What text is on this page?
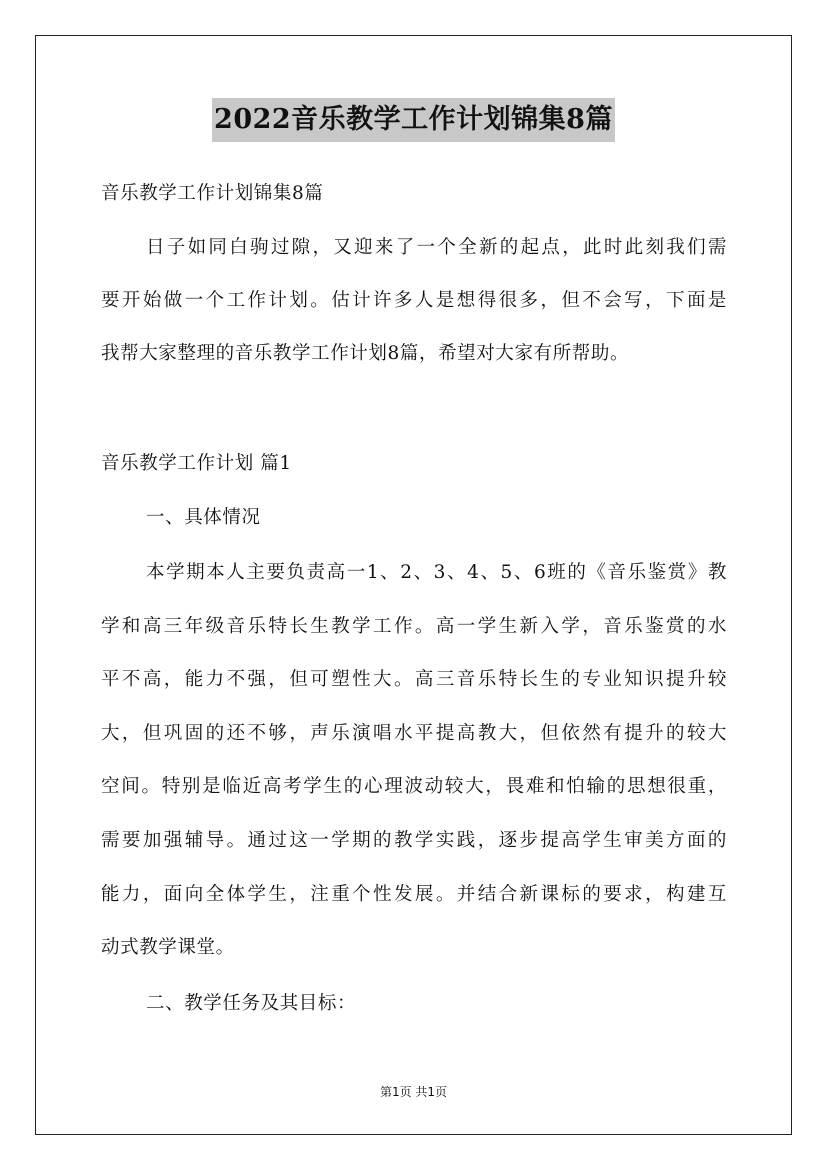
2022音乐教学工作计划锦集8篇
音乐教学工作计划锦集8篇
日子如同白驹过隙，又迎来了一个全新的起点，此时此刻我们需
要开始做一个工作计划。估计许多人是想得很多，但不会写，下面是
我帮大家整理的音乐教学工作计划8篇，希望对大家有所帮助。
音乐教学工作计划 篇1
一、具体情况
本学期本人主要负责高一1、2、3、4、5、6班的《音乐鉴赏》教
学和高三年级音乐特长生教学工作。高一学生新入学，音乐鉴赏的水
平不高，能力不强，但可塑性大。高三音乐特长生的专业知识提升较
大，但巩固的还不够，声乐演唱水平提高教大，但依然有提升的较大
空间。特别是临近高考学生的心理波动较大，畏难和怕输的思想很重，
需要加强辅导。通过这一学期的教学实践，逐步提高学生审美方面的
能力，面向全体学生，注重个性发展。并结合新课标的要求，构建互
动式教学课堂。
二、教学任务及其目标：
第1页 共1页
